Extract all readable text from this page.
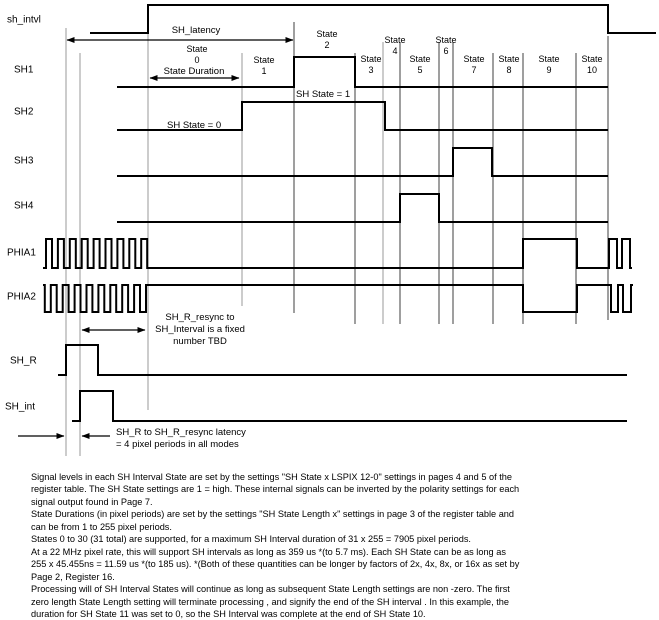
sh_intvl
SH1
SH2
SH3
SH4
PHIA1
PHIA2
SH_R
SH_int
State
0	State
1
State
2
State
3
State
4
State
5
State
6
State
7
State
8
State
9
State
10
SH_latency
State Duration
SH State = 1
SH State = 0
SH_R_resync to
SH_Interval is a fixed
number TBD
SH_R to SH_R_resync latency
= 4 pixel periods in all modes
Signal levels in each SH Interval State are set by the settings "SH State x LSPIX 12-0" settings in pages 4 and 5 of the
register table. The SH State settings are 1 = high. These internal signals can be inverted by the polarity settings for each
signal output found in Page 7.
State Durations (in pixel periods) are set by the settings "SH State Length x" settings in page 3 of the register table and
can be from 1 to 255 pixel periods.
States 0 to 30 (31 total) are supported, for a maximum SH Interval duration of 31 x 255 = 7905 pixel periods.
At a 22 MHz pixel rate, this will support SH intervals as long as 359 us *(to 5.7 ms). Each SH State can be as long as
255 x 45.455ns = 11.59 us *(to 185 us). *(Both of these quantities can be longer by factors of 2x, 4x, 8x, or 16x as set by
Page 2, Register 16.
Processing will of SH Interval States will continue as long as subsequent State Length settings are non -zero. The first
zero length State Length setting will terminate processing , and signify the end of the SH interval . In this example, the
duration for SH State 11 was set to 0, so the SH Interval was complete at the end of SH State 10.
